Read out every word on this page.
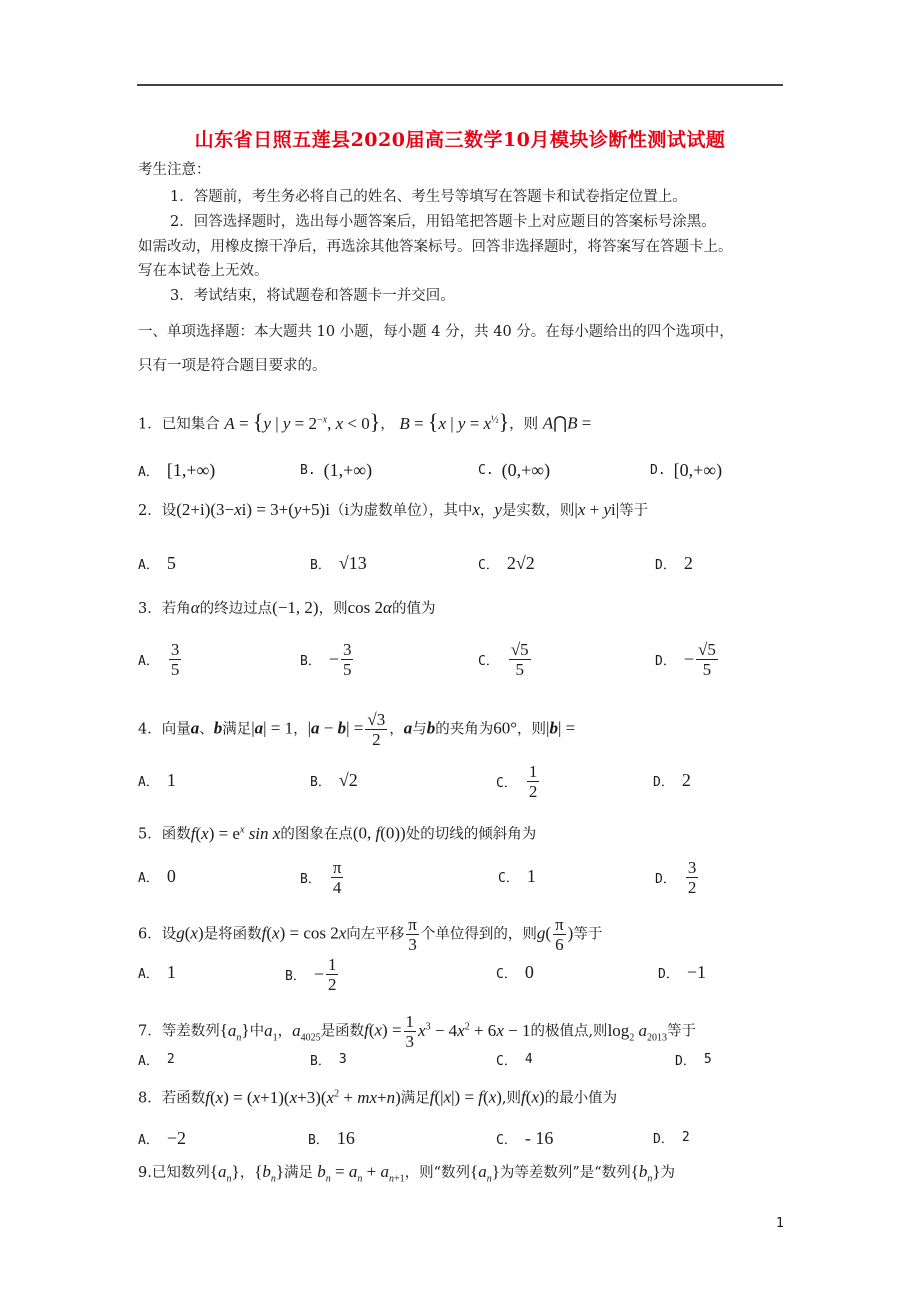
山东省日照五莲县2020届高三数学10月模块诊断性测试试题
考生注意：
1．答题前，考生务必将自己的姓名、考生号等填写在答题卡和试卷指定位置上。
2．回答选择题时，选出每小题答案后，用铅笔把答题卡上对应题目的答案标号涂黑。
如需改动，用橡皮擦干净后，再选涂其他答案标号。回答非选择题时，将答案写在答题卡上。
写在本试卷上无效。
3．考试结束，将试题卷和答题卡一并交回。
一、单项选择题：本大题共 10 小题，每小题 4 分，共 40 分。在每小题给出的四个选项中，
只有一项是符合题目要求的。
1．已知集合 A = {y | $y = 2^{-x}$, x < 0}， B = {x | $y = x^{\frac{1}{2}}$}，则 A⋂B =
A． [1,+∞)	B. (1,+∞)	C. (0,+∞)	D. [0,+∞)
2．设(2+i)(3−xi) = 3+(y+5)i（i为虚数单位），其中x，y是实数，则|x + yi|等于
A． 5	B． √13	C． 2√2	D． 2
3．若角α的终边过点(−1, 2)，则cos 2α的值为
A． $\frac{3}{5}$	B． − $\frac{3}{5}$	C． $\frac{√5}{5}$	D． − $\frac{√5}{5}$
4．向量a、b满足|a| = 1，$|a - b| = \frac{√3}{2}$ ，a与b的夹角为60°，则|b| =
A． 1	B． √2	C． $\frac{1}{2}$	D． 2
5．函数$f(x) = e^x$ sin x的图象在点(0, f(0))处的切线的倾斜角为
A． 0	B． $\frac{\pi}{4}$	C． 1	D． $\frac{3}{2}$
6．设g(x)是将函数f(x) = cos 2x向左平移 $\frac{\pi}{3}$ 个单位得到的，则$g( \frac{\pi}{6}$ )等于
A． 1	B． − $\frac{1}{2}$	C． 0	D． −1
7．等差数列$\{a_n\}$中$a_1$，$a_{4025}$是函数$f(x) = \frac{1}{3} x^3 - 4x^2 + 6x - 1$的极值点,则$\log_2 a_{2013}$等于
A． 2	B． 3	C． 4	D． 5
8．若函数$f(x) = (x+1)(x+3)(x^2 + mx+n)$满足f(|x|) = f(x),则f(x)的最小值为
A． −2	B． 16	C． - 16	D． 2
9.已知数列$\{a_n\}$，$\{b_n\}$满足 $b_n = a_n + a_{n+1}$，则“数列$\{a_n\}$为等差数列”是“数列$\{b_n\}$为
1
